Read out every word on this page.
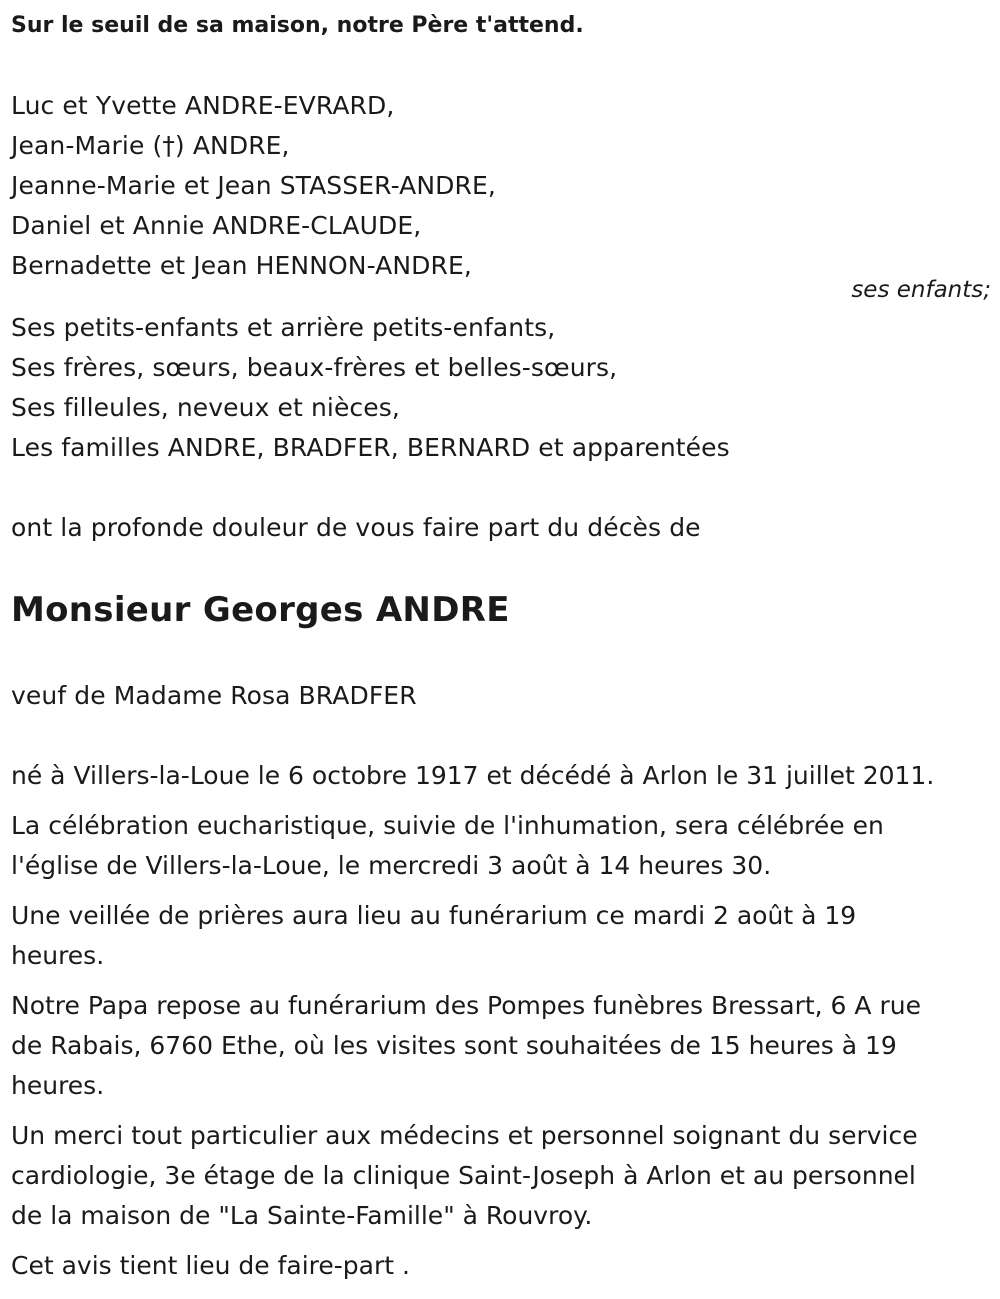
Sur le seuil de sa maison, notre Père t'attend.
Luc et Yvette ANDRE-EVRARD,
Jean-Marie (†) ANDRE,
Jeanne-Marie et Jean STASSER-ANDRE,
Daniel et Annie ANDRE-CLAUDE,
Bernadette et Jean HENNON-ANDRE,
ses enfants;
Ses petits-enfants et arrière petits-enfants,
Ses frères, sœurs, beaux-frères et belles-sœurs,
Ses filleules, neveux et nièces,
Les familles ANDRE, BRADFER, BERNARD et apparentées
ont la profonde douleur de vous faire part du décès de
Monsieur Georges ANDRE
veuf de Madame Rosa BRADFER
né à Villers-la-Loue le 6 octobre 1917 et décédé à Arlon le 31 juillet 2011.
La célébration eucharistique, suivie de l'inhumation, sera célébrée en
l'église de Villers-la-Loue, le mercredi 3 août à 14 heures 30.
Une veillée de prières aura lieu au funérarium ce mardi 2 août à 19
heures.
Notre Papa repose au funérarium des Pompes funèbres Bressart, 6 A rue
de Rabais, 6760 Ethe, où les visites sont souhaitées de 15 heures à 19
heures.
Un merci tout particulier aux médecins et personnel soignant du service
cardiologie, 3e étage de la clinique Saint-Joseph à Arlon et au personnel
de la maison de "La Sainte-Famille" à Rouvroy.
Cet avis tient lieu de faire-part .
